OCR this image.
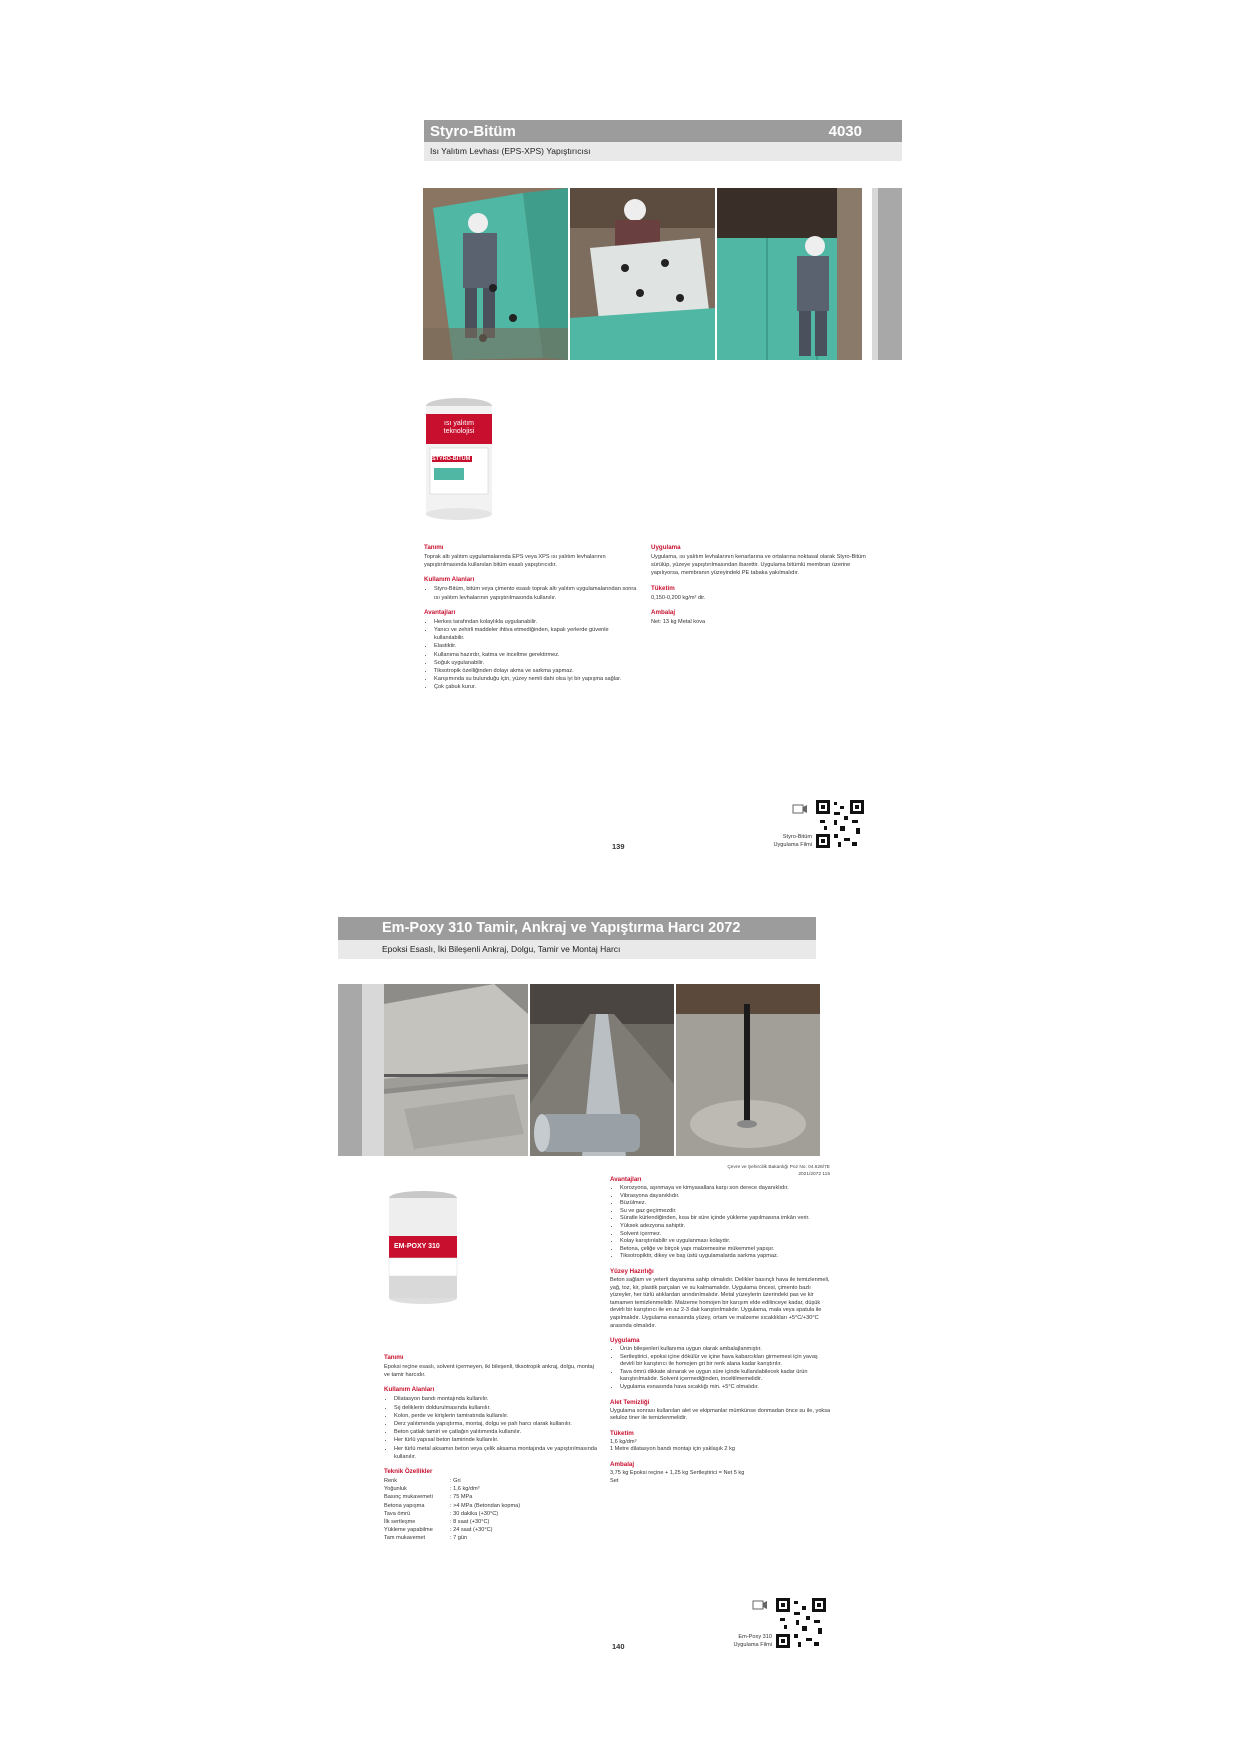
Styro-Bitüm	4030
Isı Yalıtım Levhası (EPS-XPS) Yapıştırıcısı
ısı yalıtım teknolojisi
STYRO-BİTÜM
Tanımı
Toprak altı yalıtım uygulamalarında EPS veya XPS ısı yalıtım levhalarının yapıştırılmasında kullanılan bitüm esaslı yapıştırıcıdır.
Kullanım Alanları
• Styro-Bitüm, bitüm veya çimento esaslı toprak altı yalıtım uygulamalarından sonra ısı yalıtım levhalarının yapıştırılmasında kullanılır.
Avantajları
• Herkes tarafından kolaylıkla uygulanabilir.
• Yanıcı ve zehirli maddeler ihtiva etmediğinden, kapalı yerlerde güvenle kullanılabilir.
• Elastiktir.
• Kullanıma hazırdır, katma ve inceltme gerektirmez.
• Soğuk uygulanabilir.
• Tiksotropik özelliğinden dolayı akma ve sarkma yapmaz.
• Karışımında su bulunduğu için, yüzey nemli dahi olsa iyi bir yapışma sağlar.
• Çok çabuk kurur.
Uygulama
Uygulama, ısı yalıtım levhalarının kenarlarına ve ortalarına noktasal olarak Styro-Bitüm sürülüp, yüzeye yapıştırılmasından ibarettir. Uygulama bitümlü membran üzerine yapılıyorsa, membranın yüzeyindeki PE tabaka yakılmalıdır.
Tüketim
0,150-0,200 kg/m² dir.
Ambalaj
Net: 13 kg Metal kova
Styro-Bitüm
Uygulama Filmi
139
Em-Poxy 310 Tamir, Ankraj ve Yapıştırma Harcı 2072
Epoksi Esaslı, İki Bileşenli Ankraj, Dolgu, Tamir ve Montaj Harcı
Çevre ve Şehircilik Bakanlığı Poz No: 04.626/7E
2021/2072 115
EM-POXY 310
Tanımı
Epoksi reçine esaslı, solvent içermeyen, iki bileşenli, tiksotropik ankraj, dolgu, montaj ve tamir harcıdır.
Kullanım Alanları
• Dilatasyon bandı montajında kullanılır.
• Sıj deliklerin doldurulmasında kullanılır.
• Kolon, perde ve kirişlerin tamiratında kullanılır.
• Derz yalıtımında yapıştırma, montaj, dolgu ve pah harcı olarak kullanılır.
• Beton çatlak tamiri ve çatlağın yalıtımında kullanılır.
• Her türlü yapısal beton tamirinde kullanılır.
• Her türlü metal aksamın beton veya çelik aksama montajında ve yapıştırılmasında kullanılır.
Teknik Özellikler
Renk	: Gri
Yoğunluk	: 1,6 kg/dm³
Basınç mukavemeti	: 75 MPa
Betona yapışma	: >4 MPa (Betondan kopma)
Tava ömrü	: 30 dakika (+30°C)
İlk sertleşme	: 8 saat (+30°C)
Yükleme yapabilme	: 24 saat (+30°C)
Tam mukavemet	: 7 gün
Avantajları
• Korozyona, aşınmaya ve kimyasallara karşı son derece dayanıklıdır.
• Vibrasyona dayanıklıdır.
• Büzülmez.
• Su ve gaz geçirmezdir.
• Süratle kürlendiğinden, kısa bir süre içinde yükleme yapılmasına imkân verir.
• Yüksek adezyona sahiptir.
• Solvent içermez.
• Kolay karıştırılabilir ve uygulanması kolaydır.
• Betona, çeliğe ve birçok yapı malzemesine mükemmel yapışır.
• Tiksotropiktir, dikey ve baş üstü uygulamalarda sarkma yapmaz.
Yüzey Hazırlığı
Beton sağlam ve yeterli dayanıma sahip olmalıdır. Delikler basınçlı hava ile temizlenmeli, yağ, toz, kir, plastik parçaları ve su kalmamalıdır. Uygulama öncesi, çimento bazlı yüzeyler, her türlü atıklardan arındırılmalıdır. Metal yüzeylerin üzerindeki pas ve kir tamamen temizlenmelidir. Malzeme homojen bir karışım elde edilinceye kadar, düşük devirli bir karıştırıcı ile en az 2-3 dak karıştırılmalıdır. Uygulama, mala veya spatula ile yapılmalıdır. Uygulama esnasında yüzey, ortam ve malzeme sıcaklıkları +5°C/+30°C arasında olmalıdır.
Uygulama
• Ürün bileşenleri kullanıma uygun olarak ambalajlanmıştır.
• Sertleştirici, epoksi içine dökülür ve içine hava kabarcıkları girmemesi için yavaş devirli bir karıştırıcı ile homojen gri bir renk alana kadar karıştırılır.
• Tava ömrü dikkate alınarak ve uygun süre içinde kullanılabilecek kadar ürün karıştırılmalıdır. Solvent içermediğinden, inceltilmemelidir.
• Uygulama esnasında hava sıcaklığı min. +5°C olmalıdır.
Alet Temizliği
Uygulama sonrası kullanılan alet ve ekipmanlar mümkünse donmadan önce su ile, yoksa seluloz tiner ile temizlenmelidir.
Tüketim
1,6 kg/dm³
1 Metre dilatasyon bandı montajı için yaklaşık 2 kg
Ambalaj
3,75 kg Epoksi reçine + 1,25 kg Sertleştirici = Net 5 kg Set
Em-Poxy 310
Uygulama Filmi
140
